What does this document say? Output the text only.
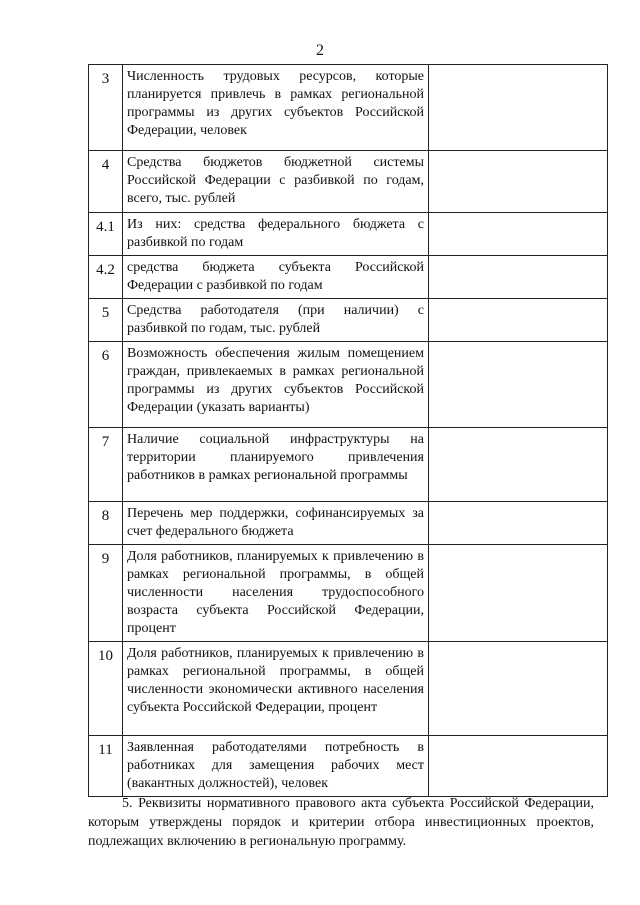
2
3	Численность трудовых ресурсов, которые планируется привлечь в рамках региональной программы из других субъектов Российской Федерации, человек	
4	Средства бюджетов бюджетной системы Российской Федерации с разбивкой по годам, всего, тыс. рублей	
4.1	Из них: средства федерального бюджета с разбивкой по годам	
4.2	средства бюджета субъекта Российской Федерации с разбивкой по годам	
5	Средства работодателя (при наличии) с разбивкой по годам, тыс. рублей	
6	Возможность обеспечения жилым помещением граждан, привлекаемых в рамках региональной программы из других субъектов Российской Федерации (указать варианты)	
7	Наличие социальной инфраструктуры на территории планируемого привлечения работников в рамках региональной программы	
8	Перечень мер поддержки, софинансируемых за счет федерального бюджета	
9	Доля работников, планируемых к привлечению в рамках региональной программы, в общей численности населения трудоспособного возраста субъекта Российской Федерации, процент	
10	Доля работников, планируемых к привлечению в рамках региональной программы, в общей численности экономически активного населения субъекта Российской Федерации, процент	
11	Заявленная работодателями потребность в работниках для замещения рабочих мест (вакантных должностей), человек	
5. Реквизиты нормативного правового акта субъекта Российской Федерации, которым утверждены порядок и критерии отбора инвестиционных проектов, подлежащих включению в региональную программу.
